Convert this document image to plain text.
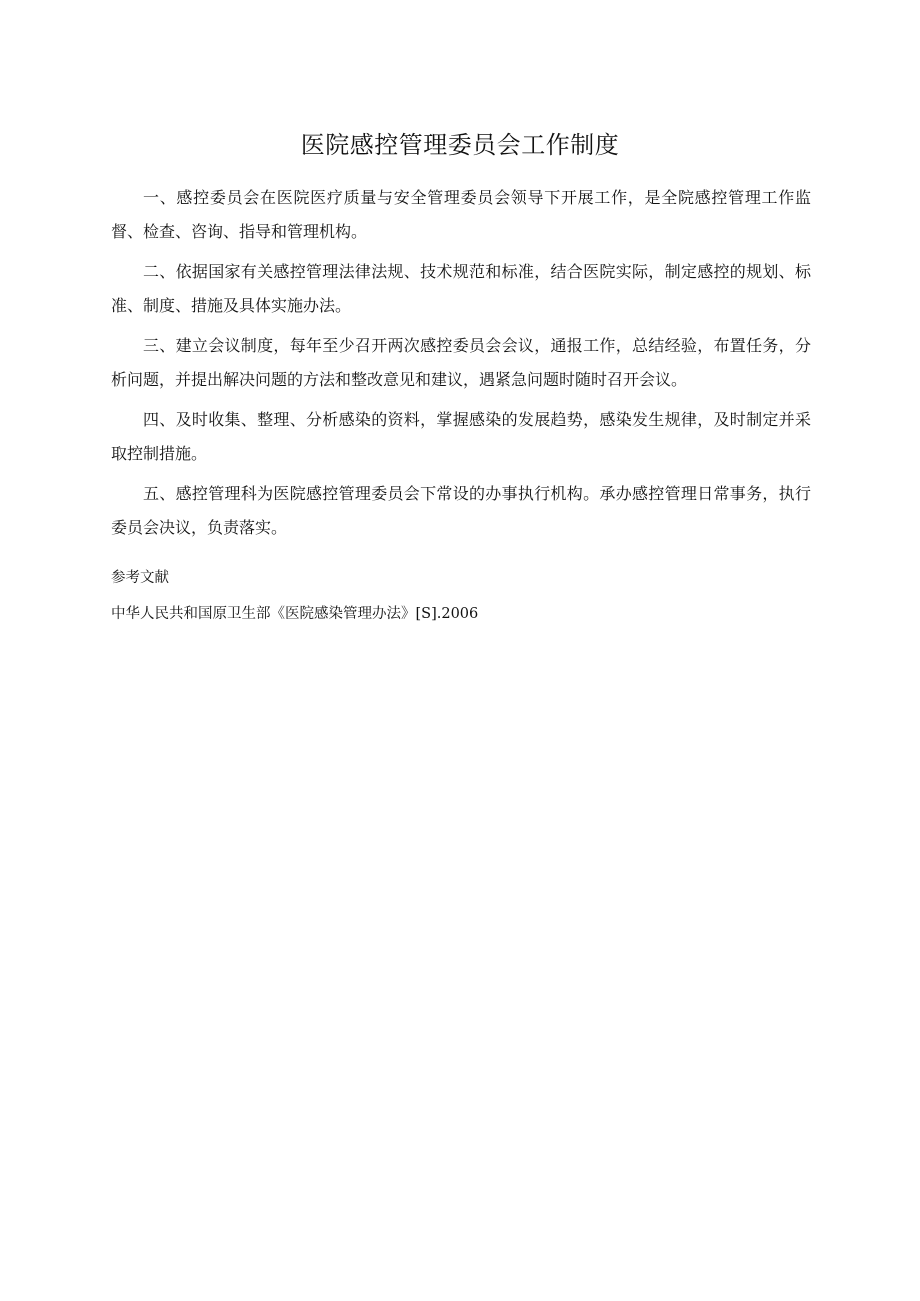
医院感控管理委员会工作制度

一、感控委员会在医院医疗质量与安全管理委员会领导下开展工作，是全院感控管理工作监督、检查、咨询、指导和管理机构。

二、依据国家有关感控管理法律法规、技术规范和标准，结合医院实际，制定感控的规划、标准、制度、措施及具体实施办法。

三、建立会议制度，每年至少召开两次感控委员会会议，通报工作，总结经验，布置任务，分析问题，并提出解决问题的方法和整改意见和建议，遇紧急问题时随时召开会议。

四、及时收集、整理、分析感染的资料，掌握感染的发展趋势，感染发生规律，及时制定并采取控制措施。

五、感控管理科为医院感控管理委员会下常设的办事执行机构。承办感控管理日常事务，执行委员会决议，负责落实。

参考文献

中华人民共和国原卫生部《医院感染管理办法》[S].2006
